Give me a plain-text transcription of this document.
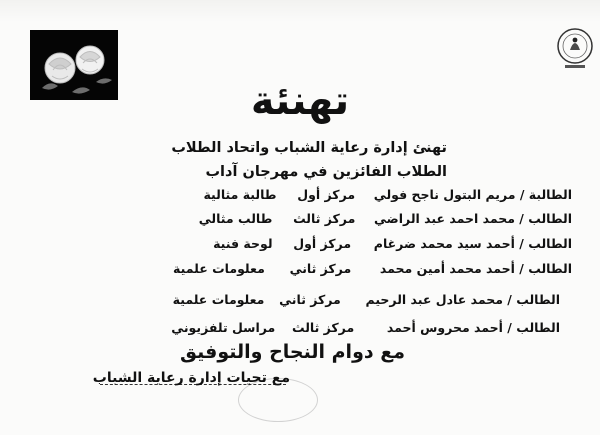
تهنئة
تهنئ إدارة رعاية الشباب واتحاد الطلاب
الطلاب الفائزين في مهرجان آداب
الطالبة / مريم البتول ناجح فولي  مركز أول  طالبة مثالية
الطالب / محمد احمد عبد الراضي  مركز ثالث  طالب مثالي
الطالب / أحمد سيد محمد ضرغام  مركز أول  لوحة فنية
الطالب / أحمد محمد أمين محمد  مركز ثاني  معلومات علمية
الطالب / محمد عادل عبد الرحيم  مركز ثاني  معلومات علمية
الطالب / أحمد محروس أحمد  مركز ثالث  مراسل تلفزيوني
مع دوام النجاح والتوفيق
مع تحيات إدارة رعاية الشباب
